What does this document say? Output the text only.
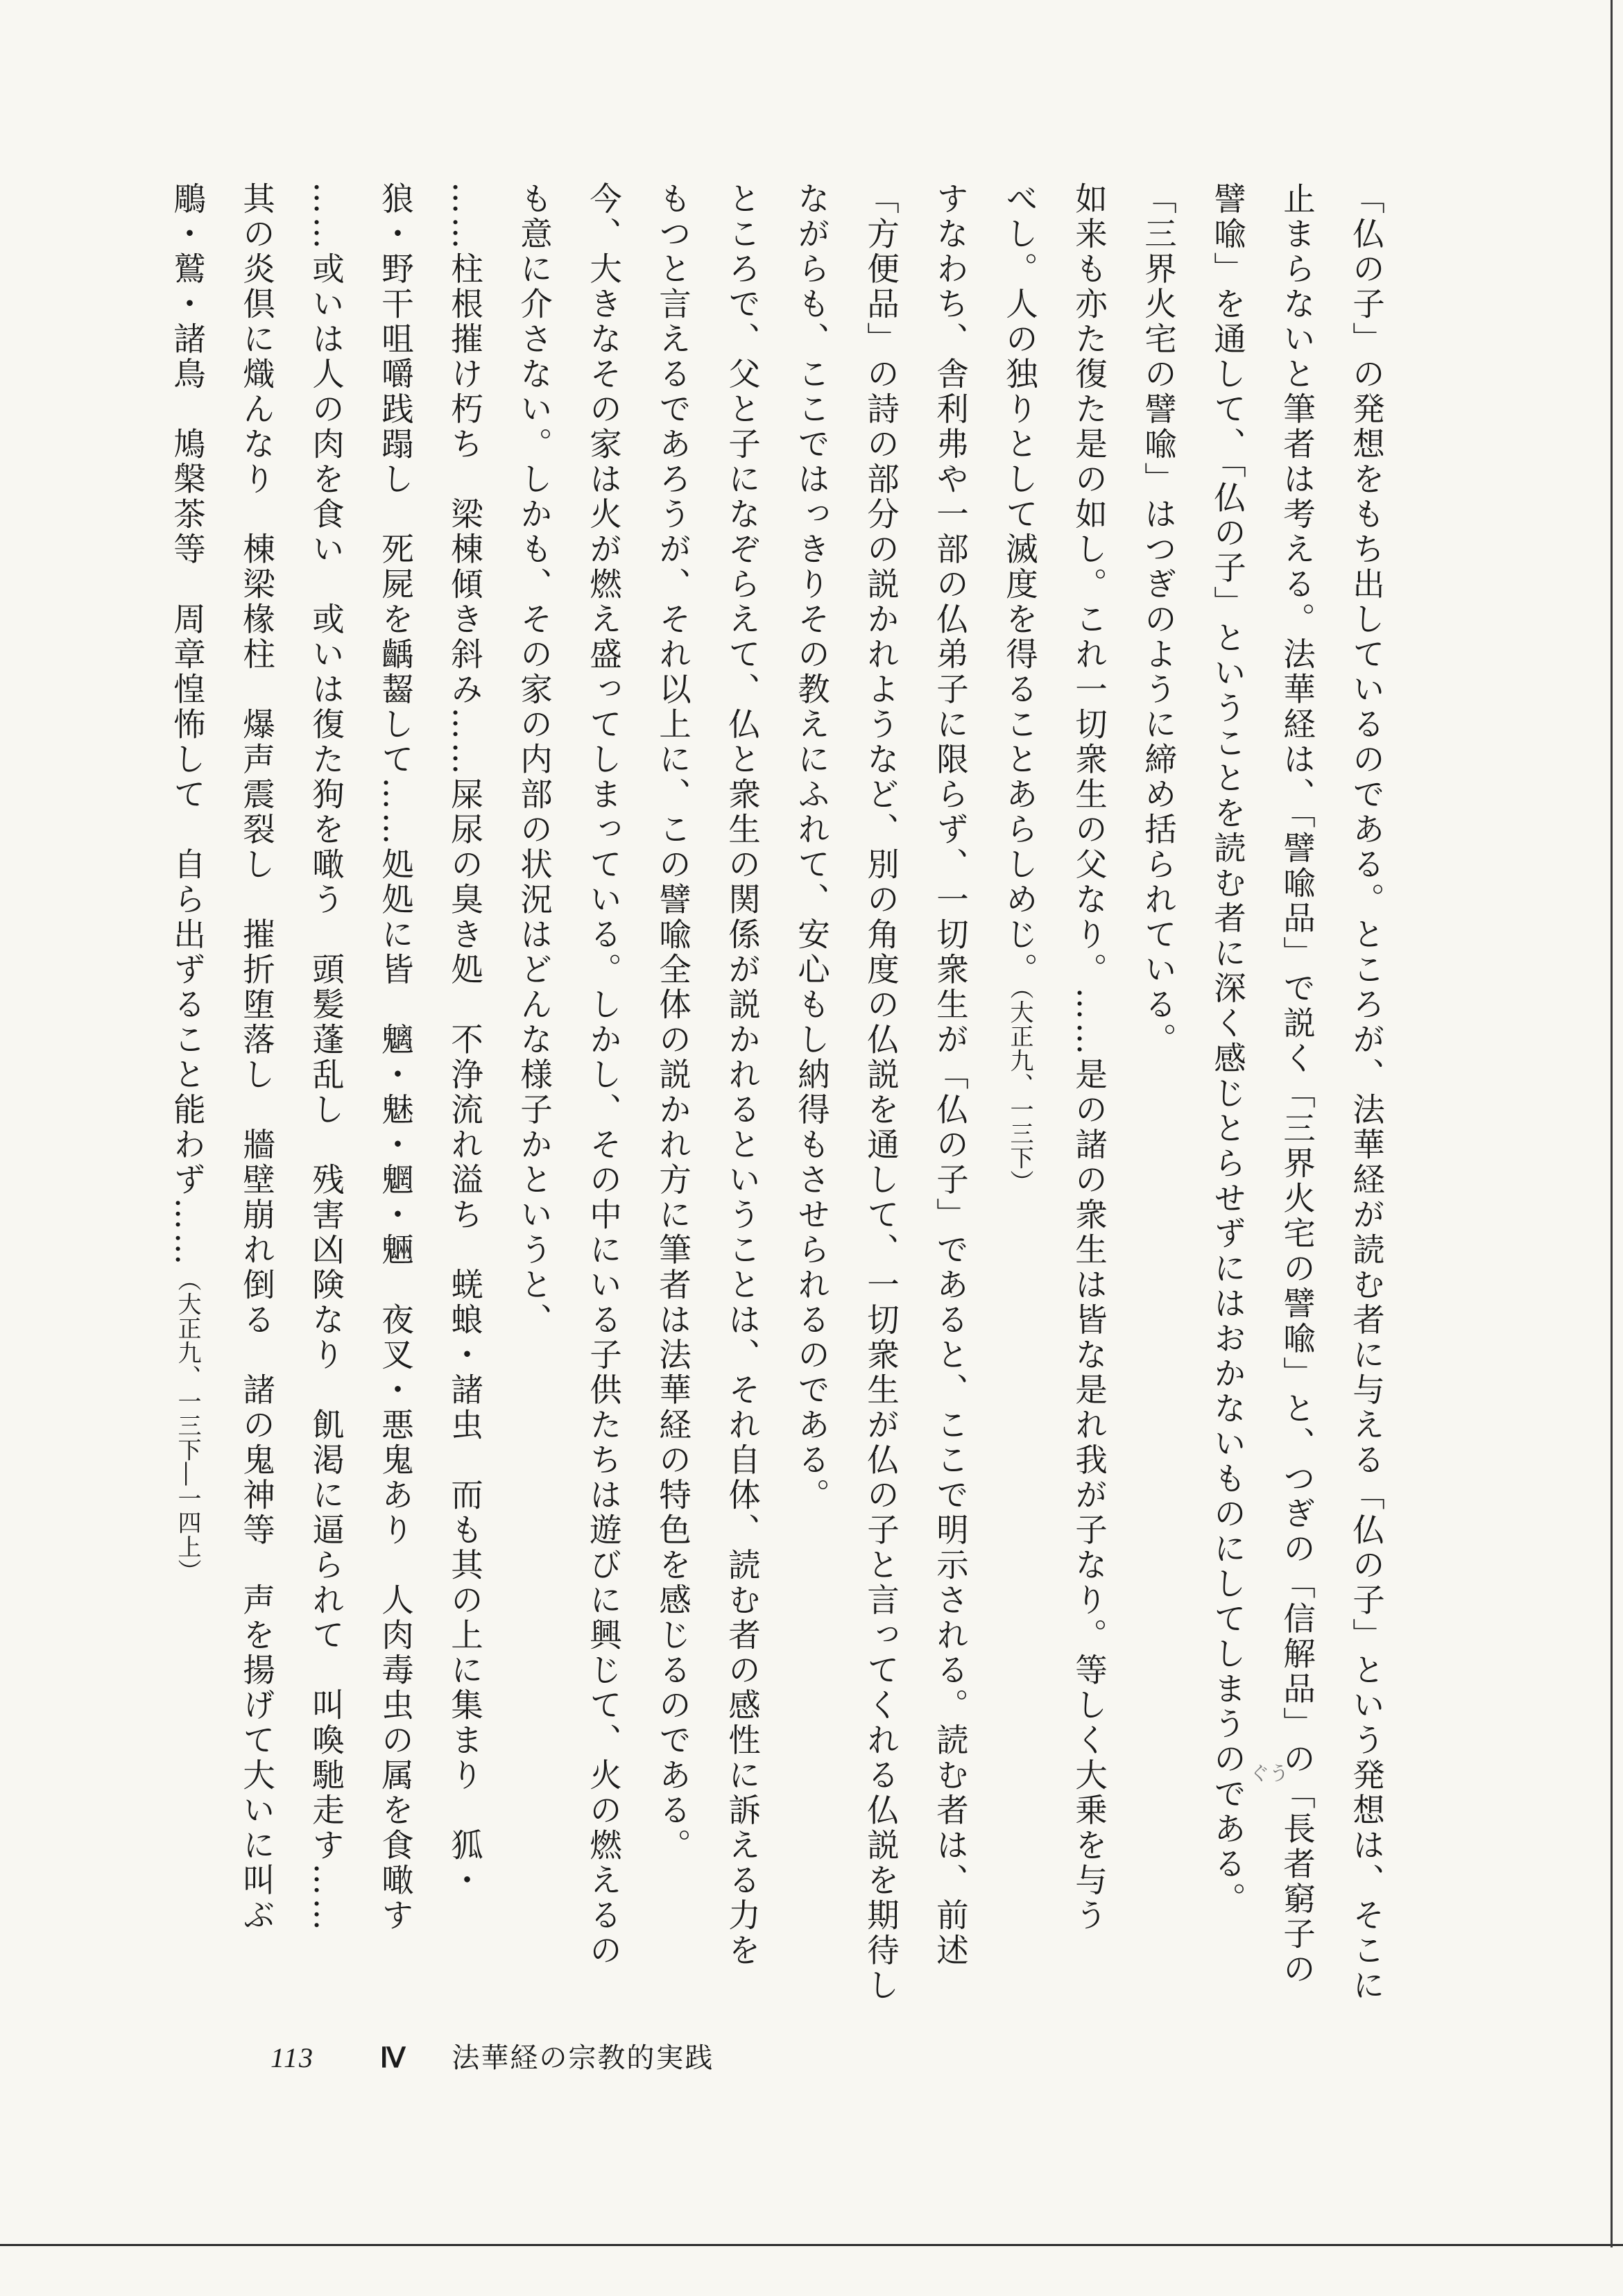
「仏の子」の発想をもち出しているのである。ところが、法華経が読む者に与える「仏の子」という発想は、そこに

止まらないと筆者は考える。法華経は、「譬喩品」で説く「三界火宅の譬喩」と、つぎの「信解品」の「長者窮子の

譬喩」を通して、「仏の子」ということを読む者に深く感じとらせずにはおかないものにしてしまうのである。

「三界火宅の譬喩」はつぎのように締め括られている。

如来も亦た復た是の如し。これ一切衆生の父なり。……是の諸の衆生は皆な是れ我が子なり。等しく大乗を与う

べし。人の独りとして滅度を得ることあらしめじ。（大正九、一三下）

すなわち、舎利弗や一部の仏弟子に限らず、一切衆生が「仏の子」であると、ここで明示される。読む者は、前述

「方便品」の詩の部分の説かれようなど、別の角度の仏説を通して、一切衆生が仏の子と言ってくれる仏説を期待し

ながらも、ここではっきりその教えにふれて、安心もし納得もさせられるのである。

ところで、父と子になぞらえて、仏と衆生の関係が説かれるということは、それ自体、読む者の感性に訴える力を

もつと言えるであろうが、それ以上に、この譬喩全体の説かれ方に筆者は法華経の特色を感じるのである。

今、大きなその家は火が燃え盛ってしまっている。しかし、その中にいる子供たちは遊びに興じて、火の燃えるの

も意に介さない。しかも、その家の内部の状況はどんな様子かというと、

……柱根摧け朽ち　梁棟傾き斜み……屎尿の臭き処　不浄流れ溢ち　蜣蜋・諸虫　而も其の上に集まり　狐・

狼・野干咀嚼践蹋し　死屍を齲齧して……処処に皆　魑・魅・魍・魎　夜叉・悪鬼あり　人肉毒虫の属を食噉す

……或いは人の肉を食い　或いは復た狗を噉う　頭髪蓬乱し　残害凶険なり　飢渇に逼られて　叫喚馳走す……

其の炎倶に熾んなり　棟梁椽柱　爆声震裂し　摧折堕落し　牆壁崩れ倒る　諸の鬼神等　声を揚げて大いに叫ぶ

鵰・鷲・諸鳥　鳩槃茶等　周章惶怖して　自ら出ずること能わず……（大正九、一三下―一四上）

ぐう
113 Ⅳ 法華経の宗教的実践
